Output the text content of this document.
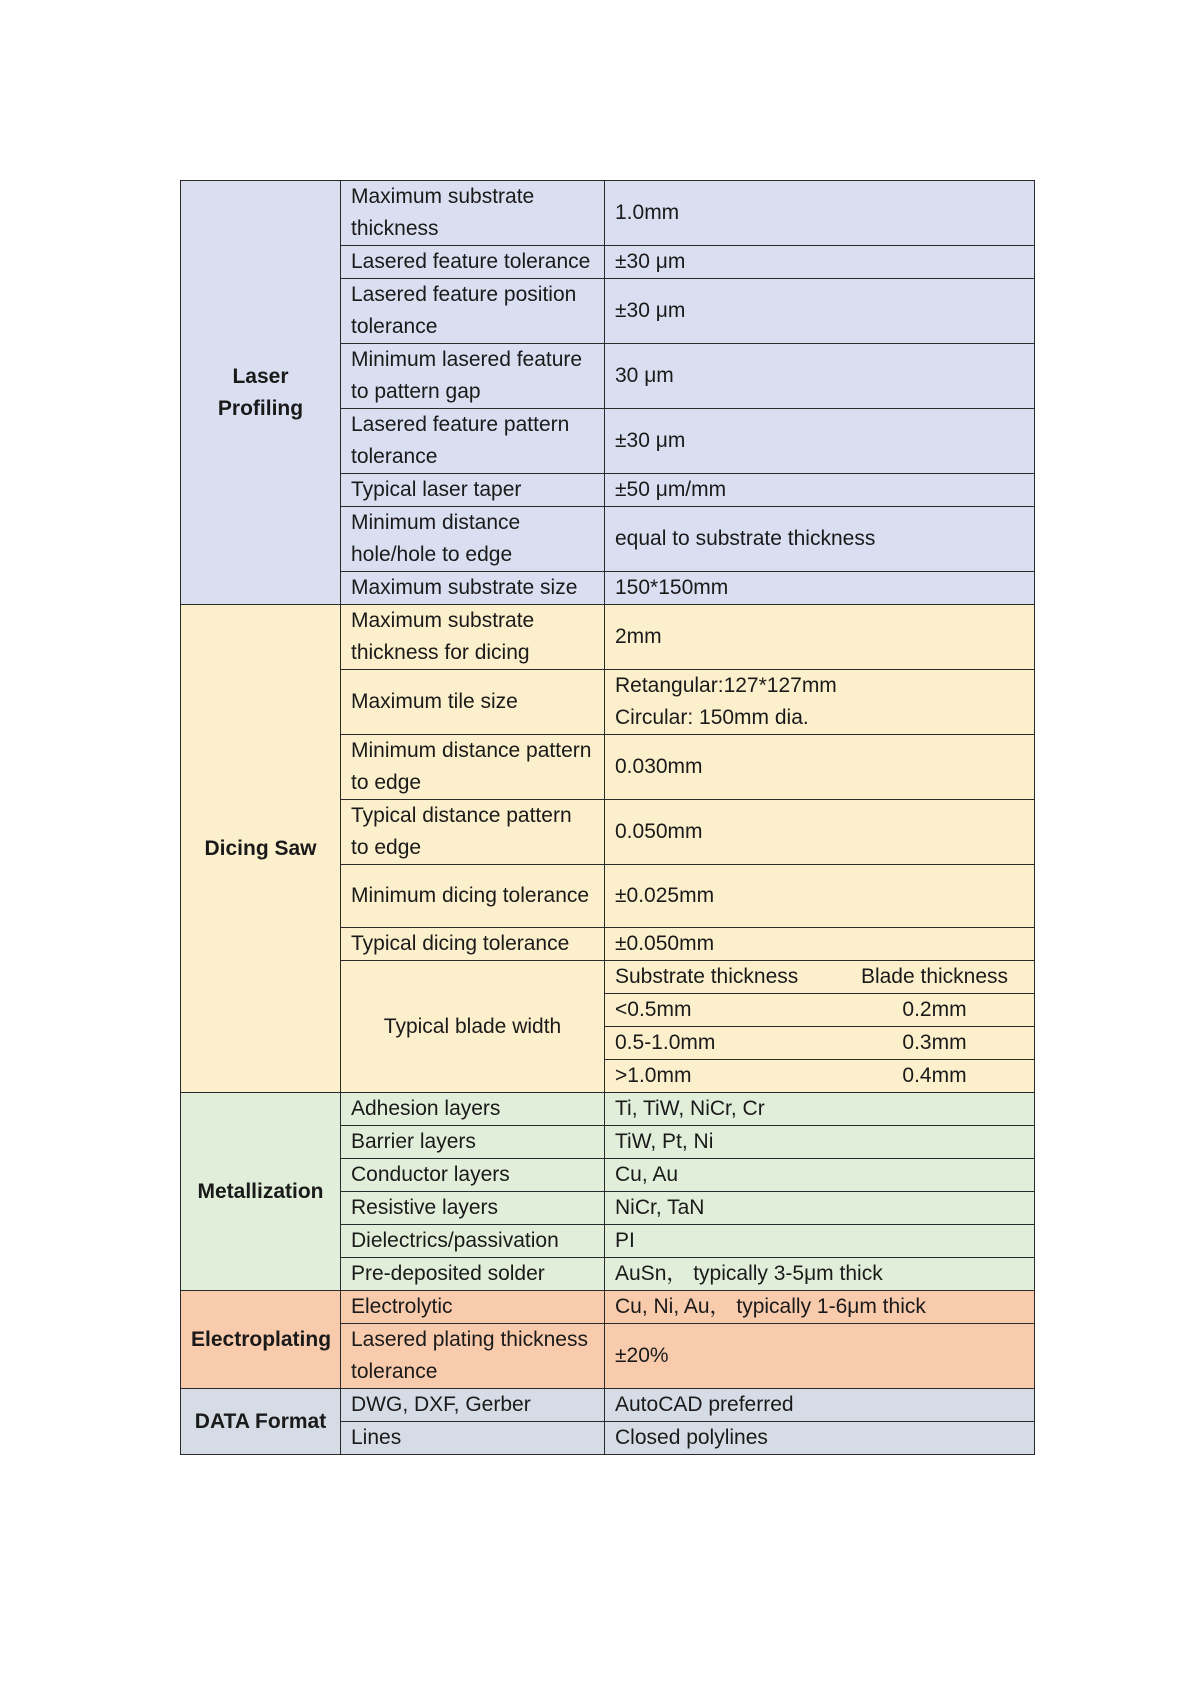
Laser Profiling	Maximum substrate thickness	1.0mm
	Lasered feature tolerance	±30 μm
	Lasered feature position tolerance	±30 μm
	Minimum lasered feature to pattern gap	30 μm
	Lasered feature pattern tolerance	±30 μm
	Typical laser taper	±50 μm/mm
	Minimum distance hole/hole to edge	equal to substrate thickness
	Maximum substrate size	150*150mm
Dicing Saw	Maximum substrate thickness for dicing	2mm
	Maximum tile size	Retangular:127*127mm
Circular: 150mm dia.

	Minimum distance pattern to edge	0.030mm
	Typical distance pattern to edge	0.050mm
	Minimum dicing tolerance	±0.025mm
	Typical dicing tolerance	±0.050mm
	Typical blade width	Substrate thickness Blade thickness

		<0.5mm 0.2mm

		0.5-1.0mm 0.3mm

		>1.0mm 0.4mm

Metallization	Adhesion layers	Ti, TiW, NiCr, Cr
	Barrier layers	TiW, Pt, Ni
	Conductor layers	Cu, Au
	Resistive layers	NiCr, TaN
	Dielectrics/passivation	PI
	Pre-deposited solder	AuSn， typically 3-5μm thick
Electroplating	Electrolytic	Cu, Ni, Au， typically 1-6μm thick
	Lasered plating thickness tolerance	±20%
DATA Format	DWG, DXF, Gerber	AutoCAD preferred
	Lines	Closed polylines
